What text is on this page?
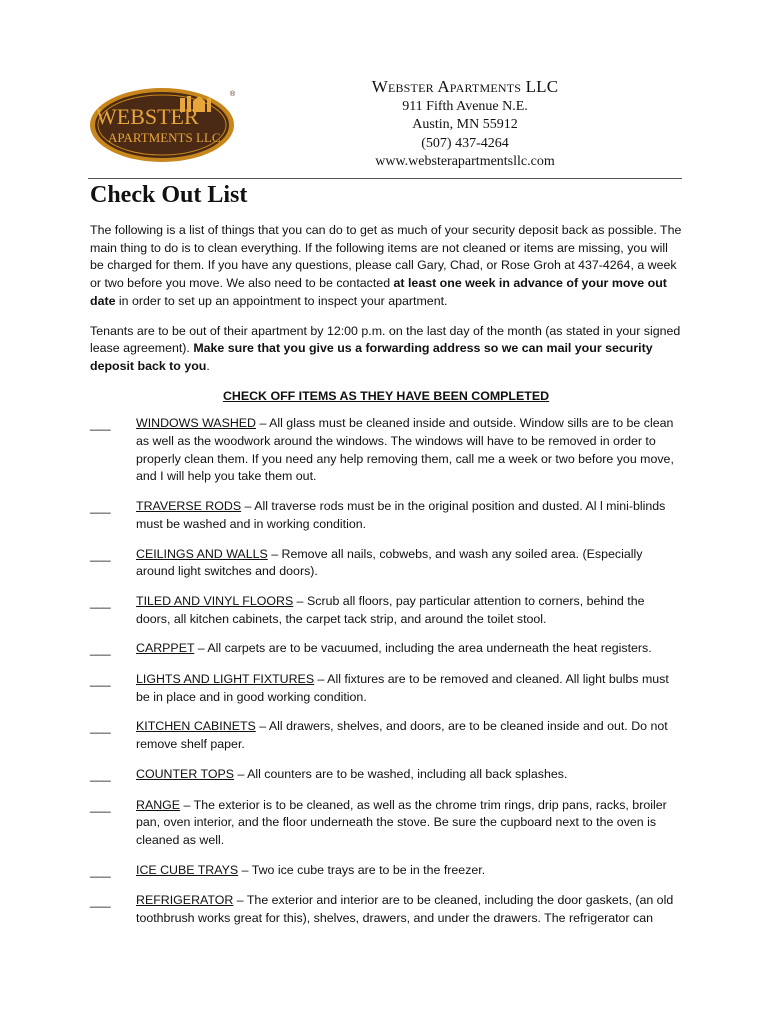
WEBSTER
APARTMENTS LLC
®	Webster Apartments LLC
911 Fifth Avenue N.E.
Austin, MN 55912
(507) 437-4264
www.websterapartmentsllc.com
Check Out List

The following is a list of things that you can do to get as much of your security deposit back as possible. The main thing to do is to clean everything. If the following items are not cleaned or items are missing, you will be charged for them. If you have any questions, please call Gary, Chad, or Rose Groh at 437-4264, a week or two before you move. We also need to be contacted at least one week in advance of your move out date in order to set up an appointment to inspect your apartment.

Tenants are to be out of their apartment by 12:00 p.m. on the last day of the month (as stated in your signed lease agreement). Make sure that you give us a forwarding address so we can mail your security deposit back to you.

CHECK OFF ITEMS AS THEY HAVE BEEN COMPLETED

___	WINDOWS WASHED – All glass must be cleaned inside and outside. Window sills are to be clean as well as the woodwork around the windows. The windows will have to be removed in order to properly clean them. If you need any help removing them, call me a week or two before you move, and I will help you take them out.
___	TRAVERSE RODS – All traverse rods must be in the original position and dusted. Al l mini-blinds must be washed and in working condition.
___	CEILINGS AND WALLS – Remove all nails, cobwebs, and wash any soiled area. (Especially around light switches and doors).
___	TILED AND VINYL FLOORS – Scrub all floors, pay particular attention to corners, behind the doors, all kitchen cabinets, the carpet tack strip, and around the toilet stool.
___	CARPPET – All carpets are to be vacuumed, including the area underneath the heat registers.
___	LIGHTS AND LIGHT FIXTURES – All fixtures are to be removed and cleaned. All light bulbs must be in place and in good working condition.
___	KITCHEN CABINETS – All drawers, shelves, and doors, are to be cleaned inside and out. Do not remove shelf paper.
___	COUNTER TOPS – All counters are to be washed, including all back splashes.
___	RANGE – The exterior is to be cleaned, as well as the chrome trim rings, drip pans, racks, broiler pan, oven interior, and the floor underneath the stove. Be sure the cupboard next to the oven is cleaned as well.
___	ICE CUBE TRAYS – Two ice cube trays are to be in the freezer.
___	REFRIGERATOR – The exterior and interior are to be cleaned, including the door gaskets, (an old toothbrush works great for this), shelves, drawers, and under the drawers. The refrigerator can
